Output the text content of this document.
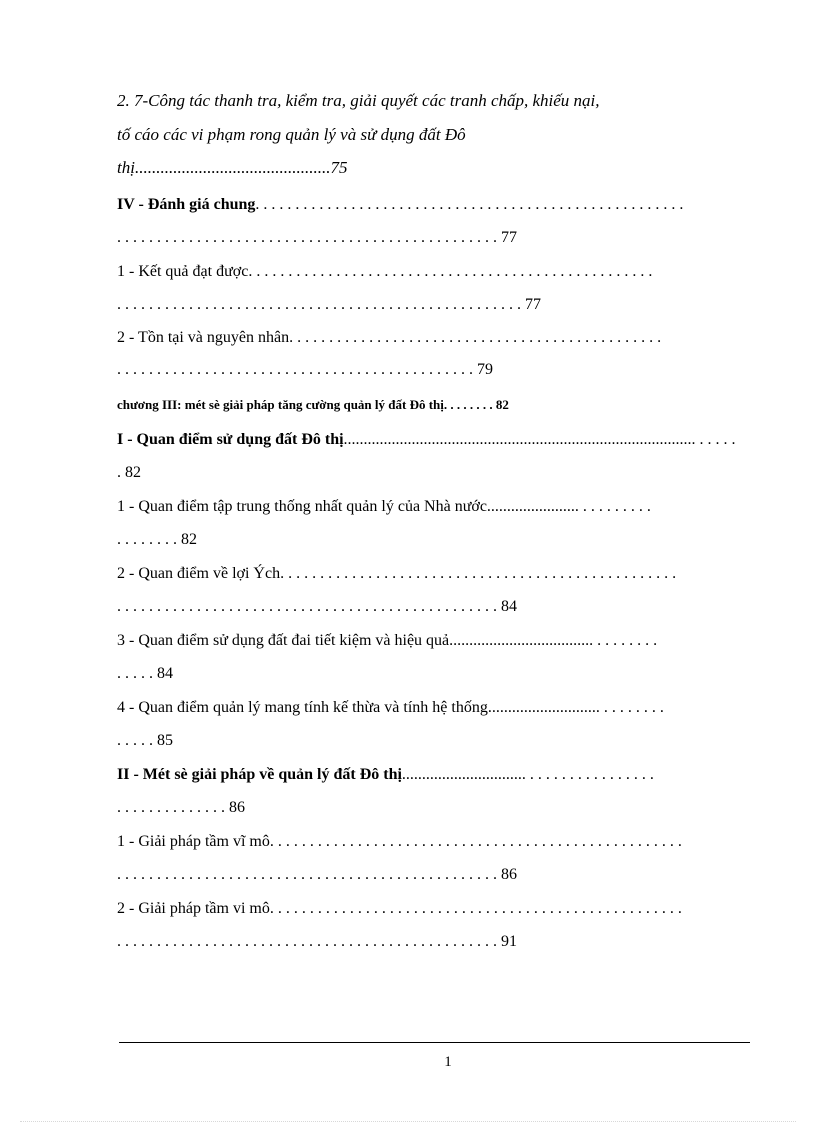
2. 7-Công tác thanh tra, kiểm tra, giải quyết các tranh chấp, khiếu nại,
tố cáo các vi phạm rong quản lý và sử dụng đất Đô
thị..............................................75
IV - Đánh giá chung. . . . . . . . . . . . . . . . . . . . . . . . . . . . . . . . . . . . . . . . . . . . . . . . . . . . . .
. . . . . . . . . . . . . . . . . . . . . . . . . . . . . . . . . . . . . . . . . . . . . . . . 77
1 - Kết quả đạt được. . . . . . . . . . . . . . . . . . . . . . . . . . . . . . . . . . . . . . . . . . . . . . . . . . .
. . . . . . . . . . . . . . . . . . . . . . . . . . . . . . . . . . . . . . . . . . . . . . . . . . . 77
2 - Tồn tại và nguyên nhân. . . . . . . . . . . . . . . . . . . . . . . . . . . . . . . . . . . . . . . . . . . . . . .
. . . . . . . . . . . . . . . . . . . . . . . . . . . . . . . . . . . . . . . . . . . . . 79
chương III: mét sè giải pháp tăng cường quản lý đất Đô thị. . . . . . . . 82
I - Quan điểm sử dụng đất Đô thị........................................................................................ . . . . .
. 82
1 - Quan điểm tập trung thống nhất quản lý của Nhà nước....................... . . . . . . . . .
. . . . . . . . 82
2 - Quan điểm về lợi Ých. . . . . . . . . . . . . . . . . . . . . . . . . . . . . . . . . . . . . . . . . . . . . . . . . .
. . . . . . . . . . . . . . . . . . . . . . . . . . . . . . . . . . . . . . . . . . . . . . . . 84
3 - Quan điểm sử dụng đất đai tiết kiệm và hiệu quả.................................... . . . . . . . .
. . . . . 84
4 - Quan điểm quản lý mang tính kế thừa và tính hệ thống............................ . . . . . . . .
. . . . . 85
II - Mét sè giải pháp về quản lý đất Đô thị............................... . . . . . . . . . . . . . . . .
. . . . . . . . . . . . . . 86
1 - Giải pháp tầm vĩ mô. . . . . . . . . . . . . . . . . . . . . . . . . . . . . . . . . . . . . . . . . . . . . . . . . . . .
. . . . . . . . . . . . . . . . . . . . . . . . . . . . . . . . . . . . . . . . . . . . . . . . 86
2 - Giải pháp tầm vi mô. . . . . . . . . . . . . . . . . . . . . . . . . . . . . . . . . . . . . . . . . . . . . . . . . . . .
. . . . . . . . . . . . . . . . . . . . . . . . . . . . . . . . . . . . . . . . . . . . . . . . 91
1
